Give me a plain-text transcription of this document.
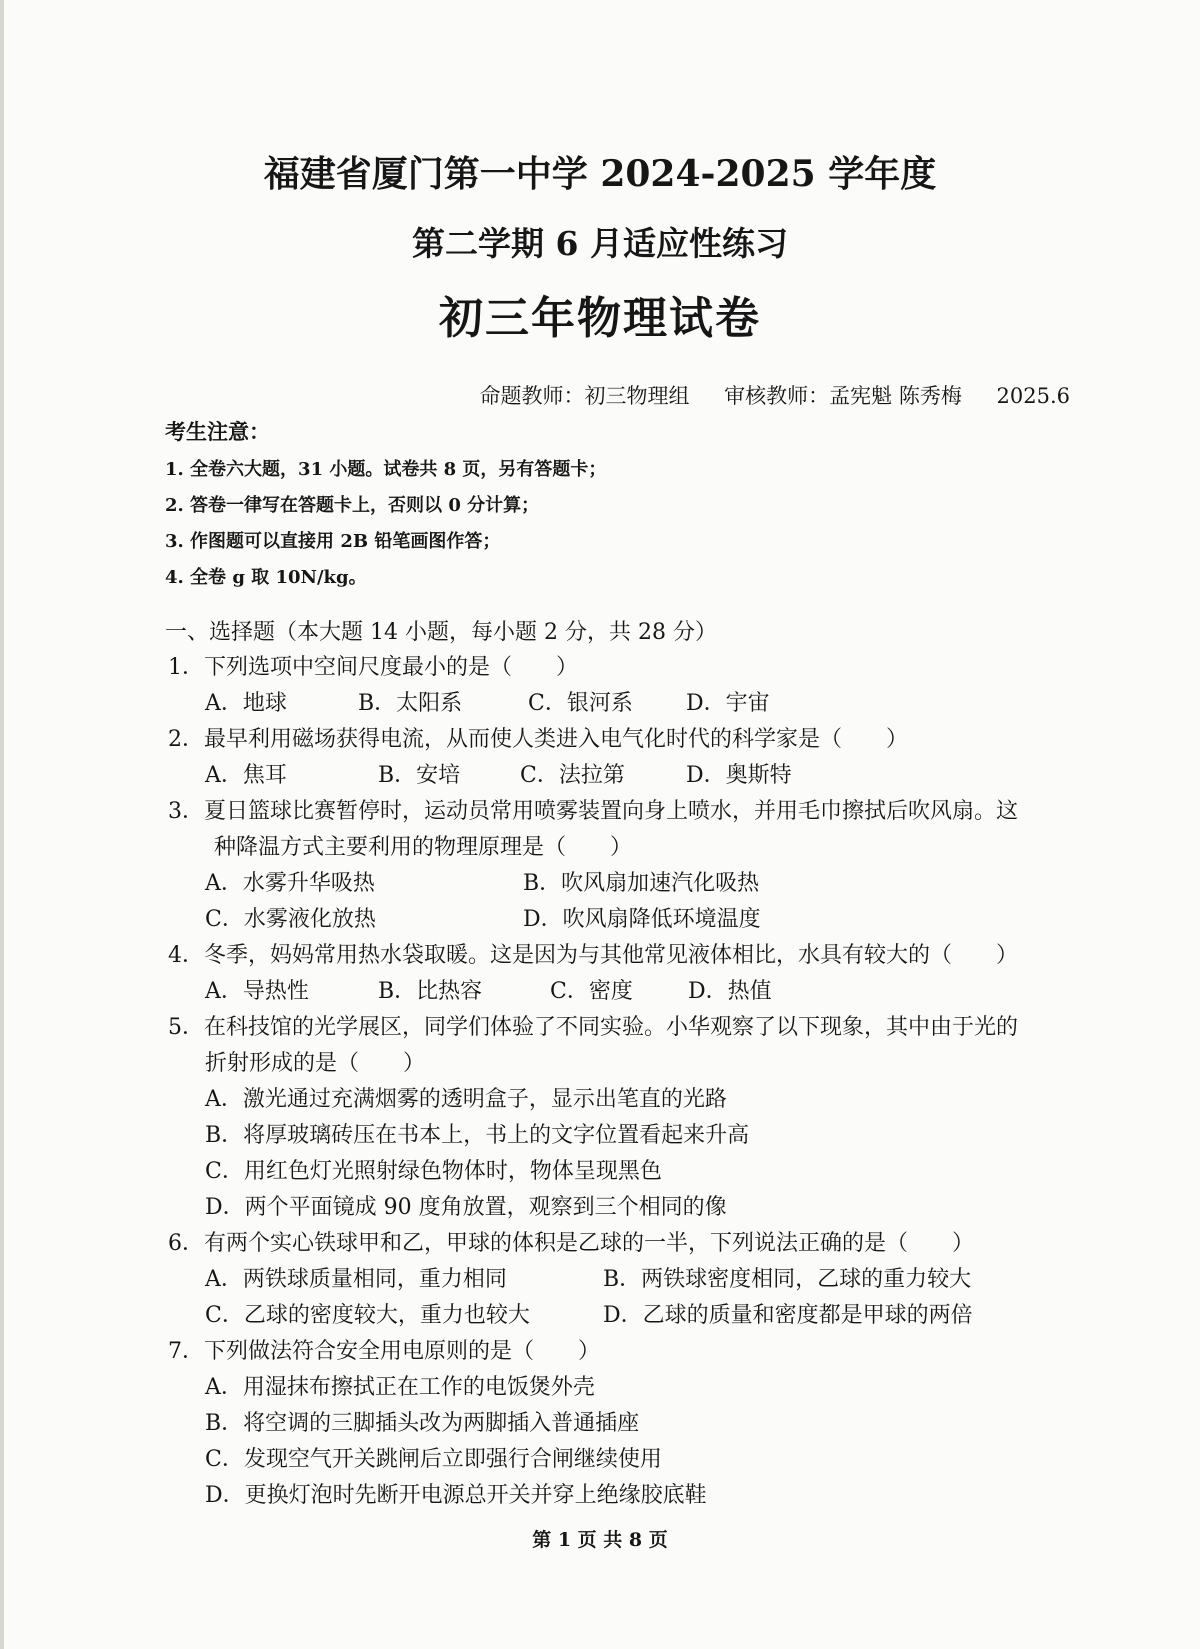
福建省厦门第一中学 2024-2025 学年度
第二学期 6 月适应性练习
初三年物理试卷
命题教师：初三物理组 审核教师：孟宪魁 陈秀梅 2025.6
考生注意：
1. 全卷六大题，31 小题。试卷共 8 页，另有答题卡；
2. 答卷一律写在答题卡上，否则以 0 分计算；
3. 作图题可以直接用 2B 铅笔画图作答；
4. 全卷 g 取 10N/kg。
一、选择题（本大题 14 小题，每小题 2 分，共 28 分）
1．下列选项中空间尺度最小的是（　　）
A．地球	B．太阳系	C．银河系 D．宇宙
2．最早利用磁场获得电流，从而使人类进入电气化时代的科学家是（　　）
A．焦耳	B．安培	C．法拉第	D．奥斯特
3．夏日篮球比赛暂停时，运动员常用喷雾装置向身上喷水，并用毛巾擦拭后吹风扇。这
种降温方式主要利用的物理原理是（　　）
A．水雾升华吸热	B．吹风扇加速汽化吸热
C．水雾液化放热	D．吹风扇降低环境温度
4．冬季，妈妈常用热水袋取暖。这是因为与其他常见液体相比，水具有较大的（　　）
A．导热性	B．比热容	C．密度	D．热值
5．在科技馆的光学展区，同学们体验了不同实验。小华观察了以下现象，其中由于光的
折射形成的是（　　）
A．激光通过充满烟雾的透明盒子，显示出笔直的光路
B．将厚玻璃砖压在书本上，书上的文字位置看起来升高
C．用红色灯光照射绿色物体时，物体呈现黑色
D．两个平面镜成 90 度角放置，观察到三个相同的像
6．有两个实心铁球甲和乙，甲球的体积是乙球的一半，下列说法正确的是（　　）
A．两铁球质量相同，重力相同	B．两铁球密度相同，乙球的重力较大
C．乙球的密度较大，重力也较大	D．乙球的质量和密度都是甲球的两倍
7．下列做法符合安全用电原则的是（　　）
A．用湿抹布擦拭正在工作的电饭煲外壳
B．将空调的三脚插头改为两脚插入普通插座
C．发现空气开关跳闸后立即强行合闸继续使用
D．更换灯泡时先断开电源总开关并穿上绝缘胶底鞋
第 1 页 共 8 页
